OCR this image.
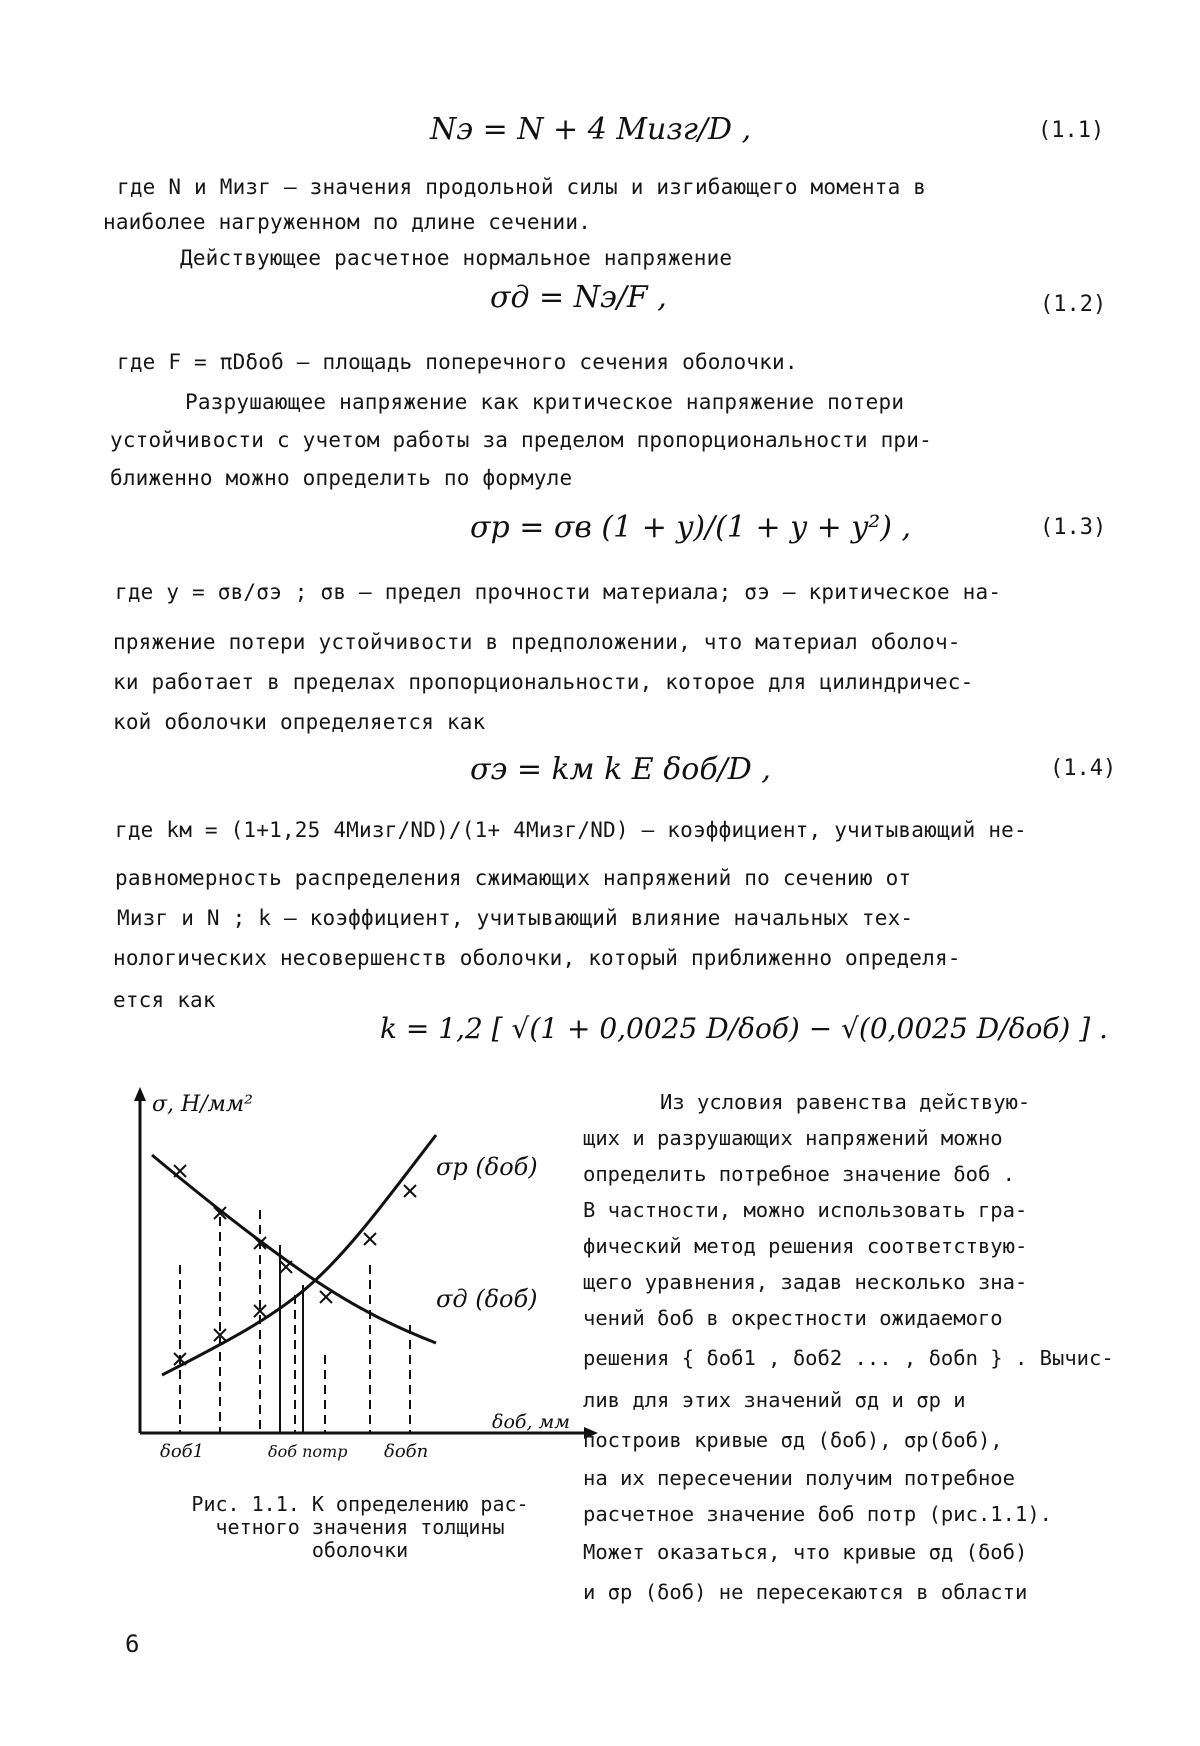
Nэ = N + 4 Mизг/D ,	(1.1)
где N и Mизг – значения продольной силы и изгибающего момента в
наиболее нагруженном по длине сечении.
Действующее расчетное нормальное напряжение
σд = Nэ/F ,	(1.2)
где F = πDδоб – площадь поперечного сечения оболочки.
Разрушающее напряжение как критическое напряжение потери
устойчивости с учетом работы за пределом пропорциональности при-
ближенно можно определить по формуле
σр = σв (1 + y)/(1 + y + y²) ,	(1.3)
где y = σв/σэ ; σв – предел прочности материала; σэ – критическое на-
пряжение потери устойчивости в предположении, что материал оболоч-
ки работает в пределах пропорциональности, которое для цилиндричес-
кой оболочки определяется как
σэ = kм k E δоб/D ,	(1.4)
где kм = (1+1,25 4Mизг/ND)/(1+ 4Mизг/ND) – коэффициент, учитывающий не-
равномерность распределения сжимающих напряжений по сечению от
Mизг и N ; k – коэффициент, учитывающий влияние начальных тех-
нологических несовершенств оболочки, который приближенно определя-
ется как
k = 1,2 [ √(1 + 0,0025 D/δоб) − √(0,0025 D/δоб) ] .
σ, Н/мм²
δоб, мм
σр (δоб)
σд (δоб)
δоб1	δоб потр δобn
Рис. 1.1. К определению рас-
четного значения толщины
оболочки
Из условия равенства действую-
щих и разрушающих напряжений можно
определить потребное значение δоб .
В частности, можно использовать гра-
фический метод решения соответствую-
щего уравнения, задав несколько зна-
чений δоб в окрестности ожидаемого
решения { δоб1 , δоб2 ... , δобn } . Вычис-
лив для этих значений σд и σр и
построив кривые σд (δоб), σр(δоб),
на их пересечении получим потребное
расчетное значение δоб потр (рис.1.1).
Может оказаться, что кривые σд (δоб)
и σр (δоб) не пересекаются в области
6
